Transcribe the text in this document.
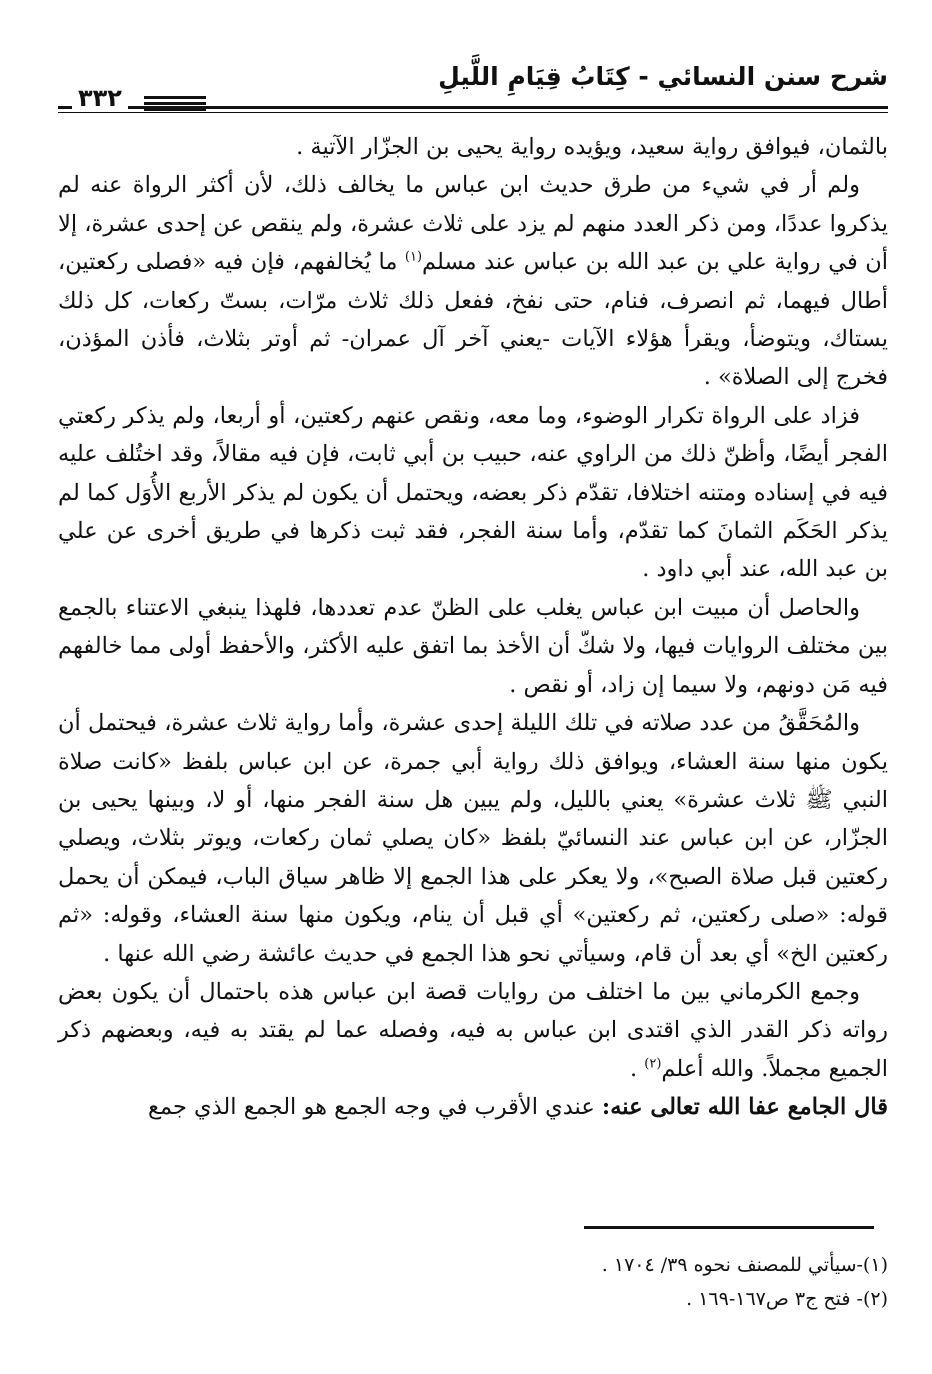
شرح سنن النسائي - كِتَابُ قِيَامِ اللَّيلِ
٣٣٢

بالثمان، فيوافق رواية سعيد، ويؤيده رواية يحيى بن الجزّار الآتية .

ولم أر في شيء من طرق حديث ابن عباس ما يخالف ذلك، لأن أكثر الرواة عنه لم يذكروا عددًا، ومن ذكر العدد منهم لم يزد على ثلاث عشرة، ولم ينقص عن إحدى عشرة، إلا أن في رواية علي بن عبد الله بن عباس عند مسلم$^{(١)}$ ما يُخالفهم، فإن فيه «فصلى ركعتين، أطال فيهما، ثم انصرف، فنام، حتى نفخ، ففعل ذلك ثلاث مرّات، بستّ ركعات، كل ذلك يستاك، ويتوضأ، ويقرأ هؤلاء الآيات -يعني آخر آل عمران- ثم أوتر بثلاث، فأذن المؤذن، فخرج إلى الصلاة» .

فزاد على الرواة تكرار الوضوء، وما معه، ونقص عنهم ركعتين، أو أربعا، ولم يذكر ركعتي الفجر أيضًا، وأظنّ ذلك من الراوي عنه، حبيب بن أبي ثابت، فإن فيه مقالاً، وقد اختُلف عليه فيه في إسناده ومتنه اختلافا، تقدّم ذكر بعضه، ويحتمل أن يكون لم يذكر الأربع الأُوَل كما لم يذكر الحَكَم الثمانَ كما تقدّم، وأما سنة الفجر، فقد ثبت ذكرها في طريق أخرى عن علي بن عبد الله، عند أبي داود .

والحاصل أن مبيت ابن عباس يغلب على الظنّ عدم تعددها، فلهذا ينبغي الاعتناء بالجمع بين مختلف الروايات فيها، ولا شكّ أن الأخذ بما اتفق عليه الأكثر، والأحفظ أولى مما خالفهم فيه مَن دونهم، ولا سيما إن زاد، أو نقص .

والمُحَقَّقُ من عدد صلاته في تلك الليلة إحدى عشرة، وأما رواية ثلاث عشرة، فيحتمل أن يكون منها سنة العشاء، ويوافق ذلك رواية أبي جمرة، عن ابن عباس بلفظ «كانت صلاة النبي ﷺ ثلاث عشرة» يعني بالليل، ولم يبين هل سنة الفجر منها، أو لا، وبينها يحيى بن الجزّار، عن ابن عباس عند النسائيّ بلفظ «كان يصلي ثمان ركعات، ويوتر بثلاث، ويصلي ركعتين قبل صلاة الصبح»، ولا يعكر على هذا الجمع إلا ظاهر سياق الباب، فيمكن أن يحمل قوله: «صلى ركعتين، ثم ركعتين» أي قبل أن ينام، ويكون منها سنة العشاء، وقوله: «ثم ركعتين الخ» أي بعد أن قام، وسيأتي نحو هذا الجمع في حديث عائشة رضي الله عنها .

وجمع الكرماني بين ما اختلف من روايات قصة ابن عباس هذه باحتمال أن يكون بعض رواته ذكر القدر الذي اقتدى ابن عباس به فيه، وفصله عما لم يقتد به فيه، وبعضهم ذكر الجميع مجملاً. والله أعلم$^{(٢)}$ .

قال الجامع عفا الله تعالى عنه: عندي الأقرب في وجه الجمع هو الجمع الذي جمع

(١)-سيأتي للمصنف نحوه ٣٩/ ١٧٠٤ .

(٢)- فتح ج٣ ص١٦٧-١٦٩ .
